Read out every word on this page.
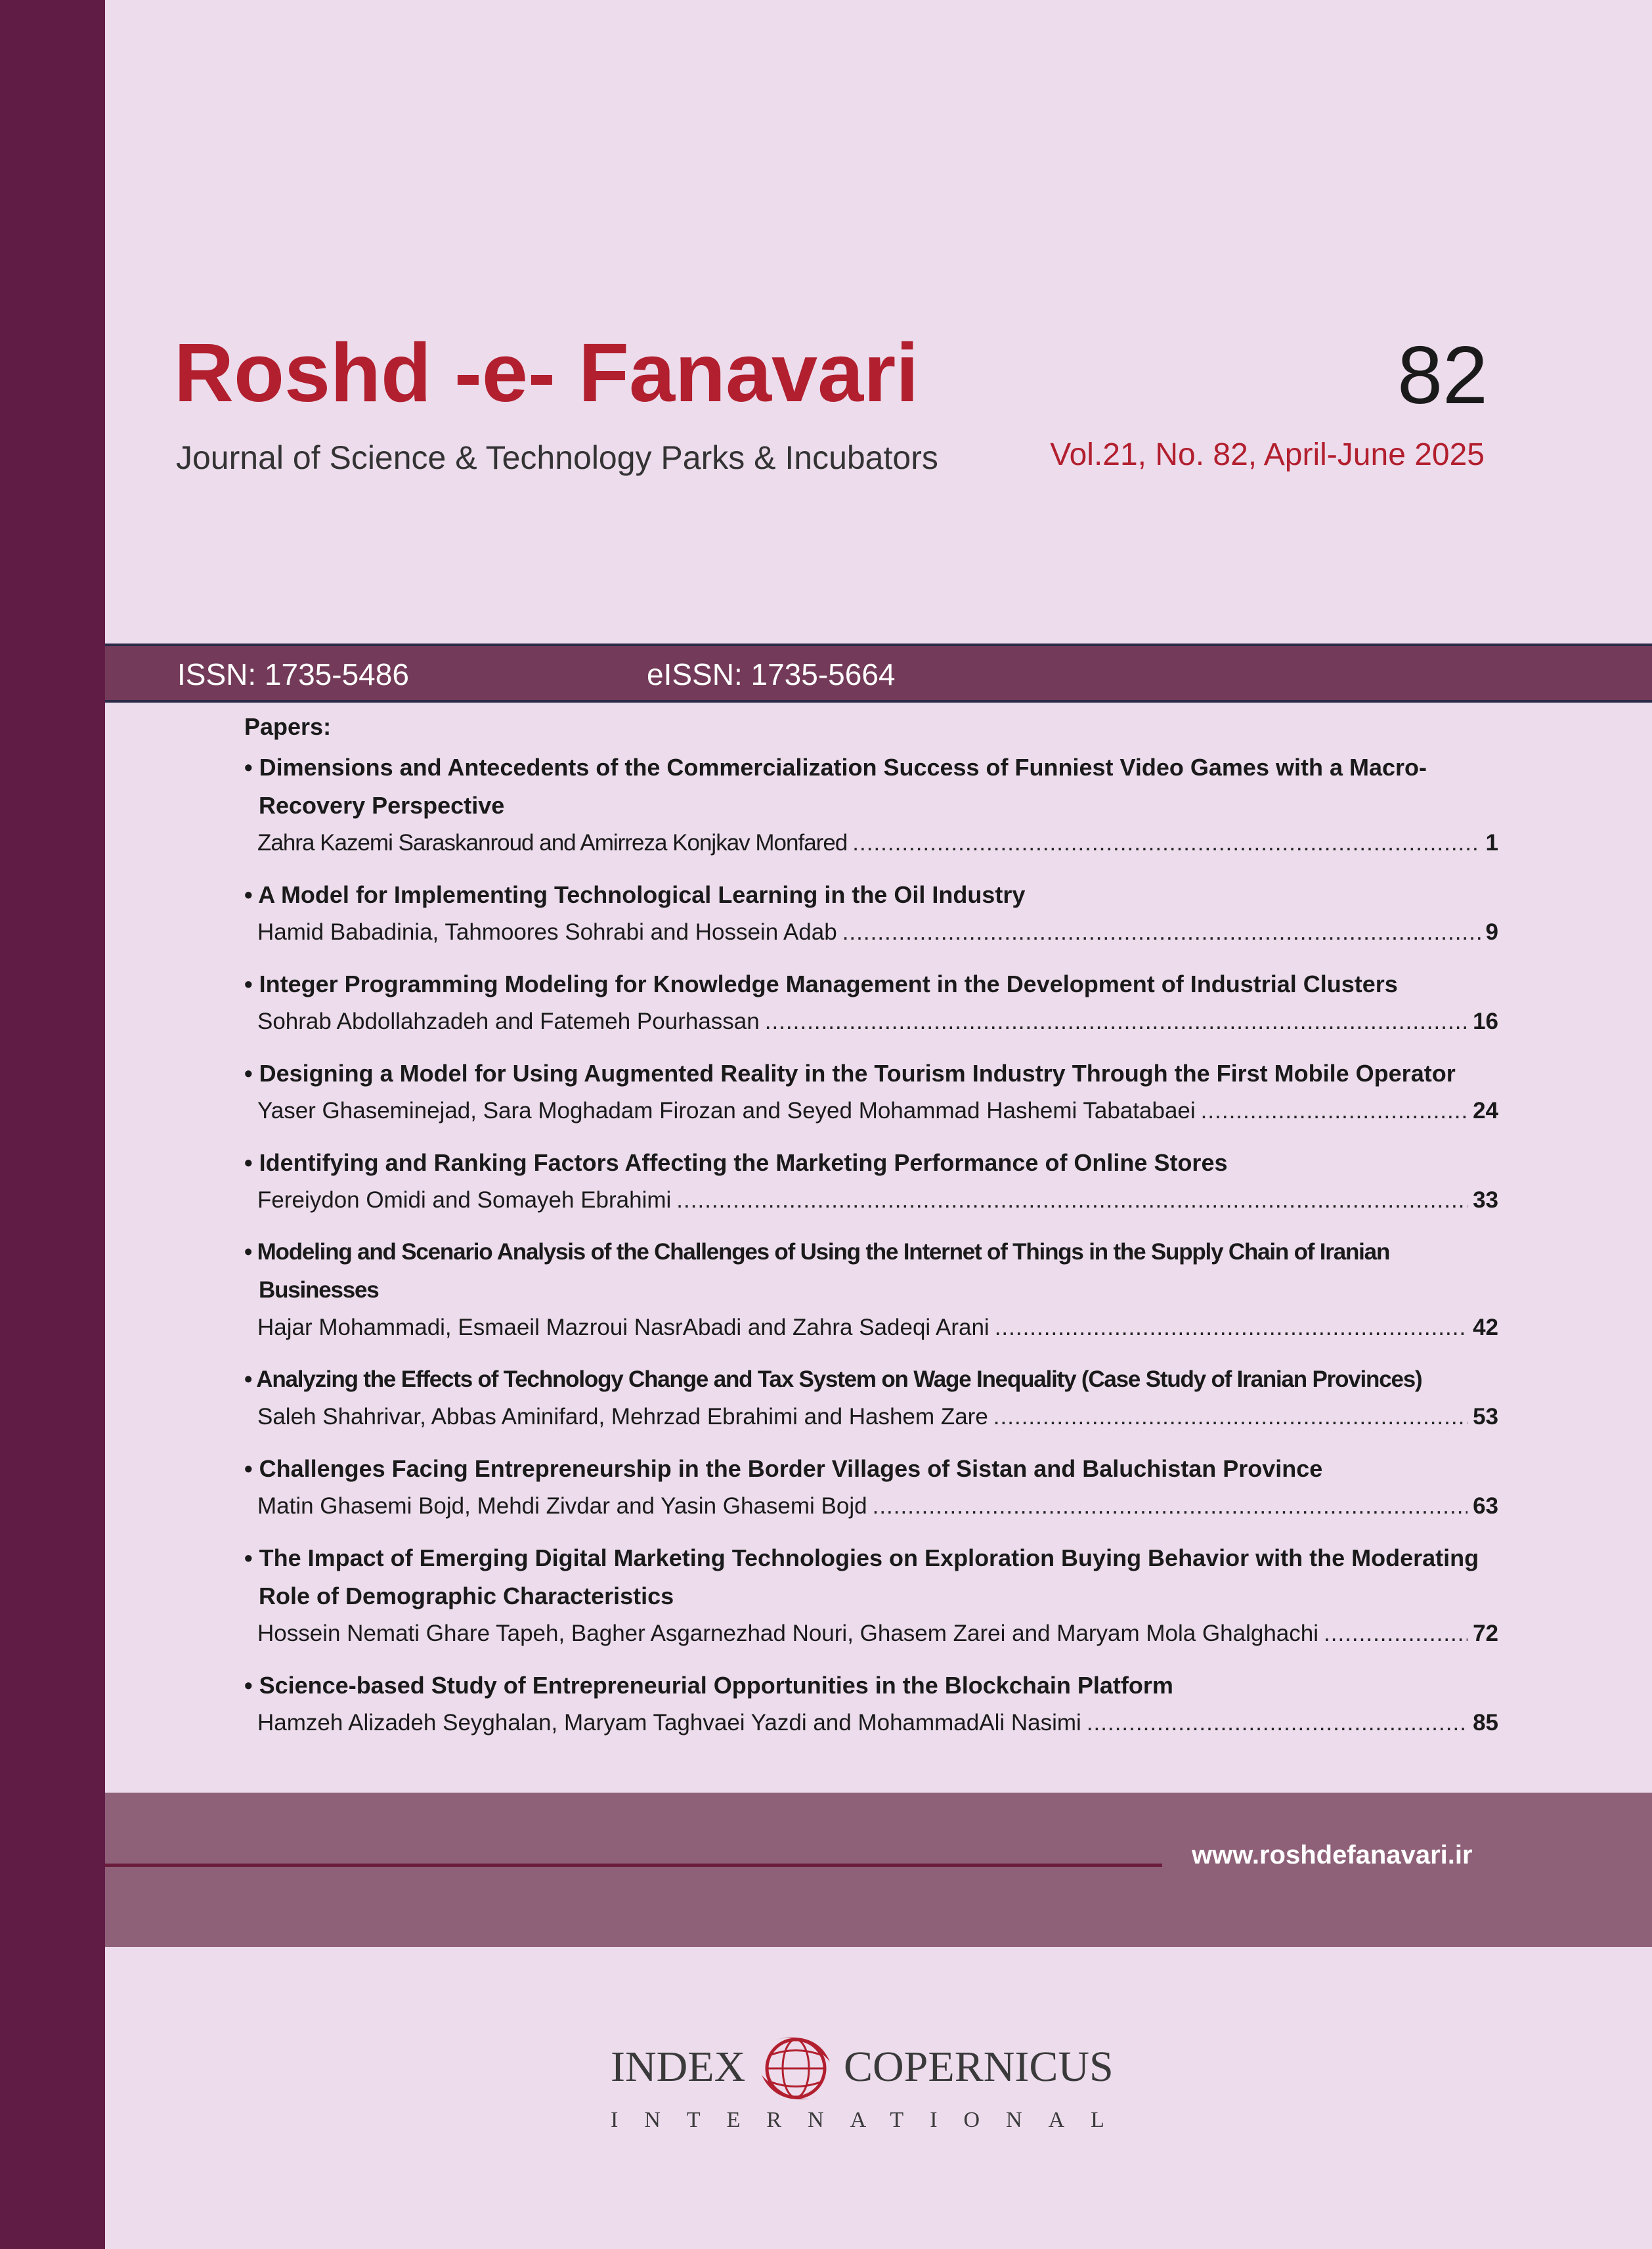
Roshd -e- Fanavari
Journal of Science & Technology Parks & Incubators
82
Vol.21, No. 82, April-June 2025
ISSN: 1735-5486	eISSN: 1735-5664
Papers:
• Dimensions and Antecedents of the Commercialization Success of Funniest Video Games with a Macro-Recovery Perspective
Zahra Kazemi Saraskanroud and Amirreza Konjkav Monfared .....	1
• A Model for Implementing Technological Learning in the Oil Industry
Hamid Babadinia, Tahmoores Sohrabi and Hossein Adab .....	9
• Integer Programming Modeling for Knowledge Management in the Development of Industrial Clusters
Sohrab Abdollahzadeh and Fatemeh Pourhassan .....	16
• Designing a Model for Using Augmented Reality in the Tourism Industry Through the First Mobile Operator
Yaser Ghaseminejad, Sara Moghadam Firozan and Seyed Mohammad Hashemi Tabatabaei .....	24
• Identifying and Ranking Factors Affecting the Marketing Performance of Online Stores
Fereiydon Omidi and Somayeh Ebrahimi .....	33
• Modeling and Scenario Analysis of the Challenges of Using the Internet of Things in the Supply Chain of Iranian Businesses
Hajar Mohammadi, Esmaeil Mazroui NasrAbadi and Zahra Sadeqi Arani .....	42
• Analyzing the Effects of Technology Change and Tax System on Wage Inequality (Case Study of Iranian Provinces)
Saleh Shahrivar, Abbas Aminifard, Mehrzad Ebrahimi and Hashem Zare .....	53
• Challenges Facing Entrepreneurship in the Border Villages of Sistan and Baluchistan Province
Matin Ghasemi Bojd, Mehdi Zivdar and Yasin Ghasemi Bojd .....	63
• The Impact of Emerging Digital Marketing Technologies on Exploration Buying Behavior with the Moderating Role of Demographic Characteristics
Hossein Nemati Ghare Tapeh, Bagher Asgarnezhad Nouri, Ghasem Zarei and Maryam Mola Ghalghachi .....	72
• Science-based Study of Entrepreneurial Opportunities in the Blockchain Platform
Hamzeh Alizadeh Seyghalan, Maryam Taghvaei Yazdi and MohammadAli Nasimi .....	85
www.roshdefanavari.ir
INDEX COPERNICUS
INTERNATIONAL
